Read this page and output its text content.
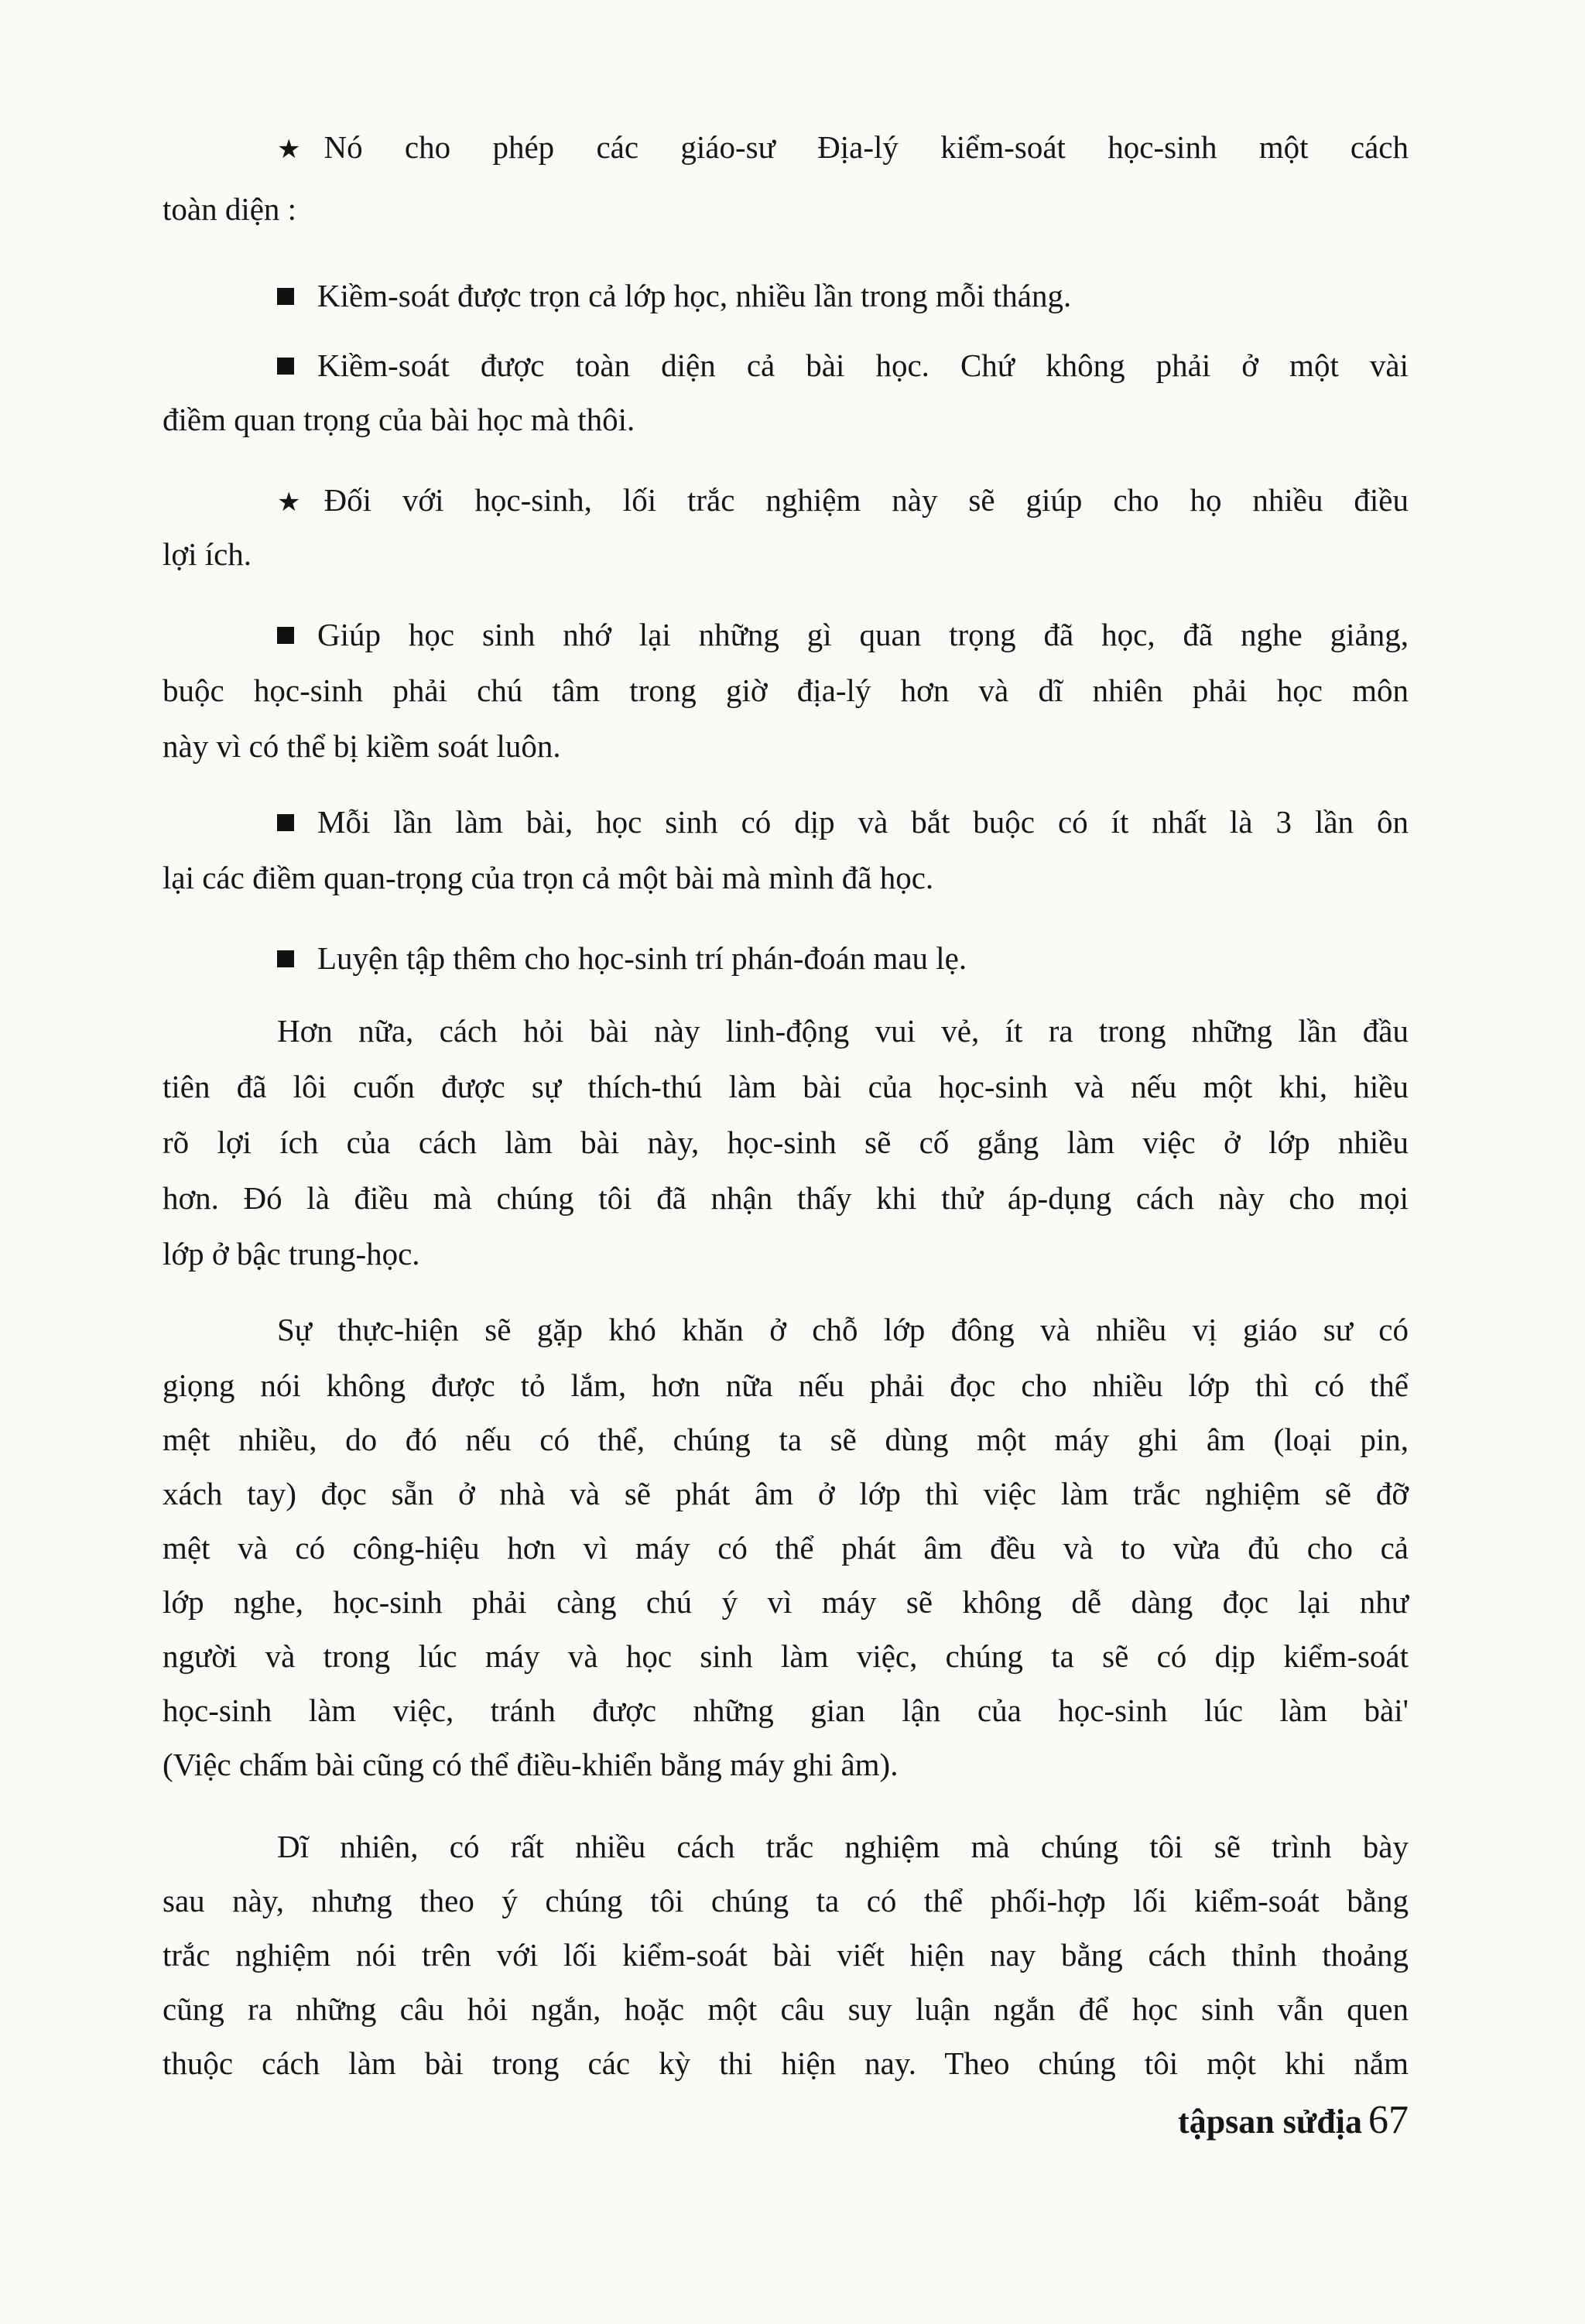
★ Nó cho phép các giáo-sư Địa-lý kiểm-soát học-sinh một cách
toàn diện :
Kiềm-soát được trọn cả lớp học, nhiều lần trong mỗi tháng.
Kiềm-soát được toàn diện cả bài học. Chứ không phải ở một vài
điềm quan trọng của bài học mà thôi.
★ Đối với học-sinh, lối trắc nghiệm này sẽ giúp cho họ nhiều điều
lợi ích.
Giúp học sinh nhớ lại những gì quan trọng đã học, đã nghe giảng,
buộc học-sinh phải chú tâm trong giờ địa-lý hơn và dĩ nhiên phải học môn
này vì có thể bị kiềm soát luôn.
Mỗi lần làm bài, học sinh có dịp và bắt buộc có ít nhất là 3 lần ôn
lại các điềm quan-trọng của trọn cả một bài mà mình đã học.
Luyện tập thêm cho học-sinh trí phán-đoán mau lẹ.
Hơn nữa, cách hỏi bài này linh-động vui vẻ, ít ra trong những lần đầu
tiên đã lôi cuốn được sự thích-thú làm bài của học-sinh và nếu một khi, hiều
rõ lợi ích của cách làm bài này, học-sinh sẽ cố gắng làm việc ở lớp nhiều
hơn. Đó là điều mà chúng tôi đã nhận thấy khi thử áp-dụng cách này cho mọi
lớp ở bậc trung-học.
Sự thực-hiện sẽ gặp khó khăn ở chỗ lớp đông và nhiều vị giáo sư có
giọng nói không được tỏ lắm, hơn nữa nếu phải đọc cho nhiều lớp thì có thể
mệt nhiều, do đó nếu có thể, chúng ta sẽ dùng một máy ghi âm (loại pin,
xách tay) đọc sẵn ở nhà và sẽ phát âm ở lớp thì việc làm trắc nghiệm sẽ đỡ
mệt và có công-hiệu hơn vì máy có thể phát âm đều và to vừa đủ cho cả
lớp nghe, học-sinh phải càng chú ý vì máy sẽ không dễ dàng đọc lại như
người và trong lúc máy và học sinh làm việc, chúng ta sẽ có dịp kiểm-soát
học-sinh làm việc, tránh được những gian lận của học-sinh lúc làm bài'
(Việc chấm bài cũng có thể điều-khiển bằng máy ghi âm).
Dĩ nhiên, có rất nhiều cách trắc nghiệm mà chúng tôi sẽ trình bày
sau này, nhưng theo ý chúng tôi chúng ta có thể phối-hợp lối kiểm-soát bằng
trắc nghiệm nói trên với lối kiểm-soát bài viết hiện nay bằng cách thỉnh thoảng
cũng ra những câu hỏi ngắn, hoặc một câu suy luận ngắn để học sinh vẫn quen
thuộc cách làm bài trong các kỳ thi hiện nay. Theo chúng tôi một khi nắm
tậpsan sửđịa 67
